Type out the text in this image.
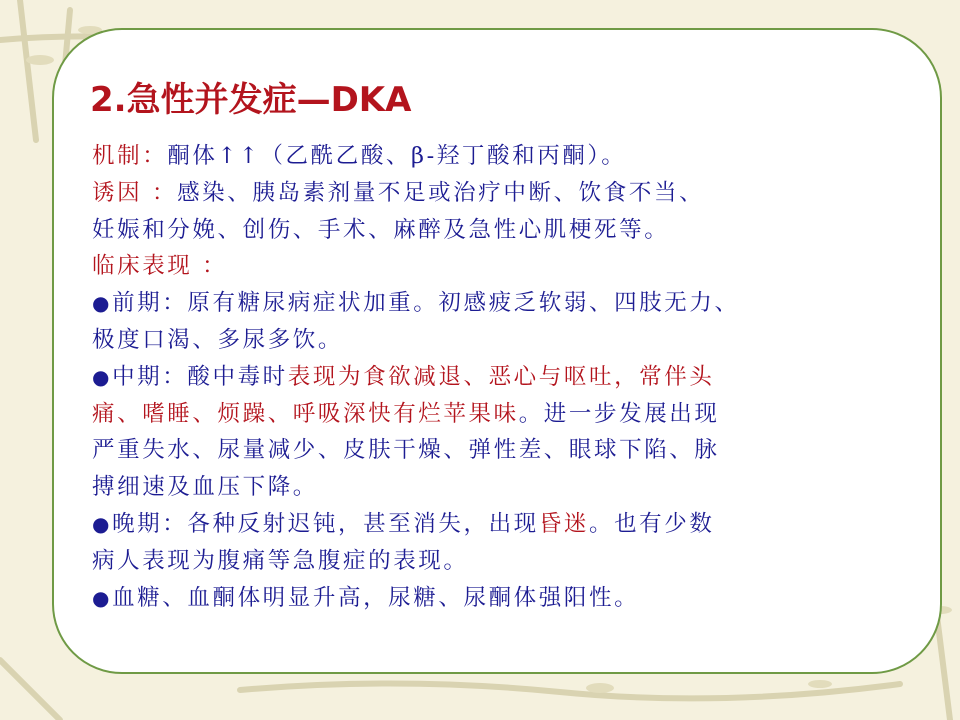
2.急性并发症—DKA
机制：酮体↑↑（乙酰乙酸、β-羟丁酸和丙酮）。
诱因 ：感染、胰岛素剂量不足或治疗中断、饮食不当、
妊娠和分娩、创伤、手术、麻醉及急性心肌梗死等。
临床表现 ：
●前期：原有糖尿病症状加重。初感疲乏软弱、四肢无力、
极度口渴、多尿多饮。
●中期：酸中毒时表现为食欲减退、恶心与呕吐，常伴头
痛、嗜睡、烦躁、呼吸深快有烂苹果味。进一步发展出现
严重失水、尿量减少、皮肤干燥、弹性差、眼球下陷、脉
搏细速及血压下降。
●晚期：各种反射迟钝，甚至消失，出现昏迷。也有少数
病人表现为腹痛等急腹症的表现。
●血糖、血酮体明显升高，尿糖、尿酮体强阳性。
